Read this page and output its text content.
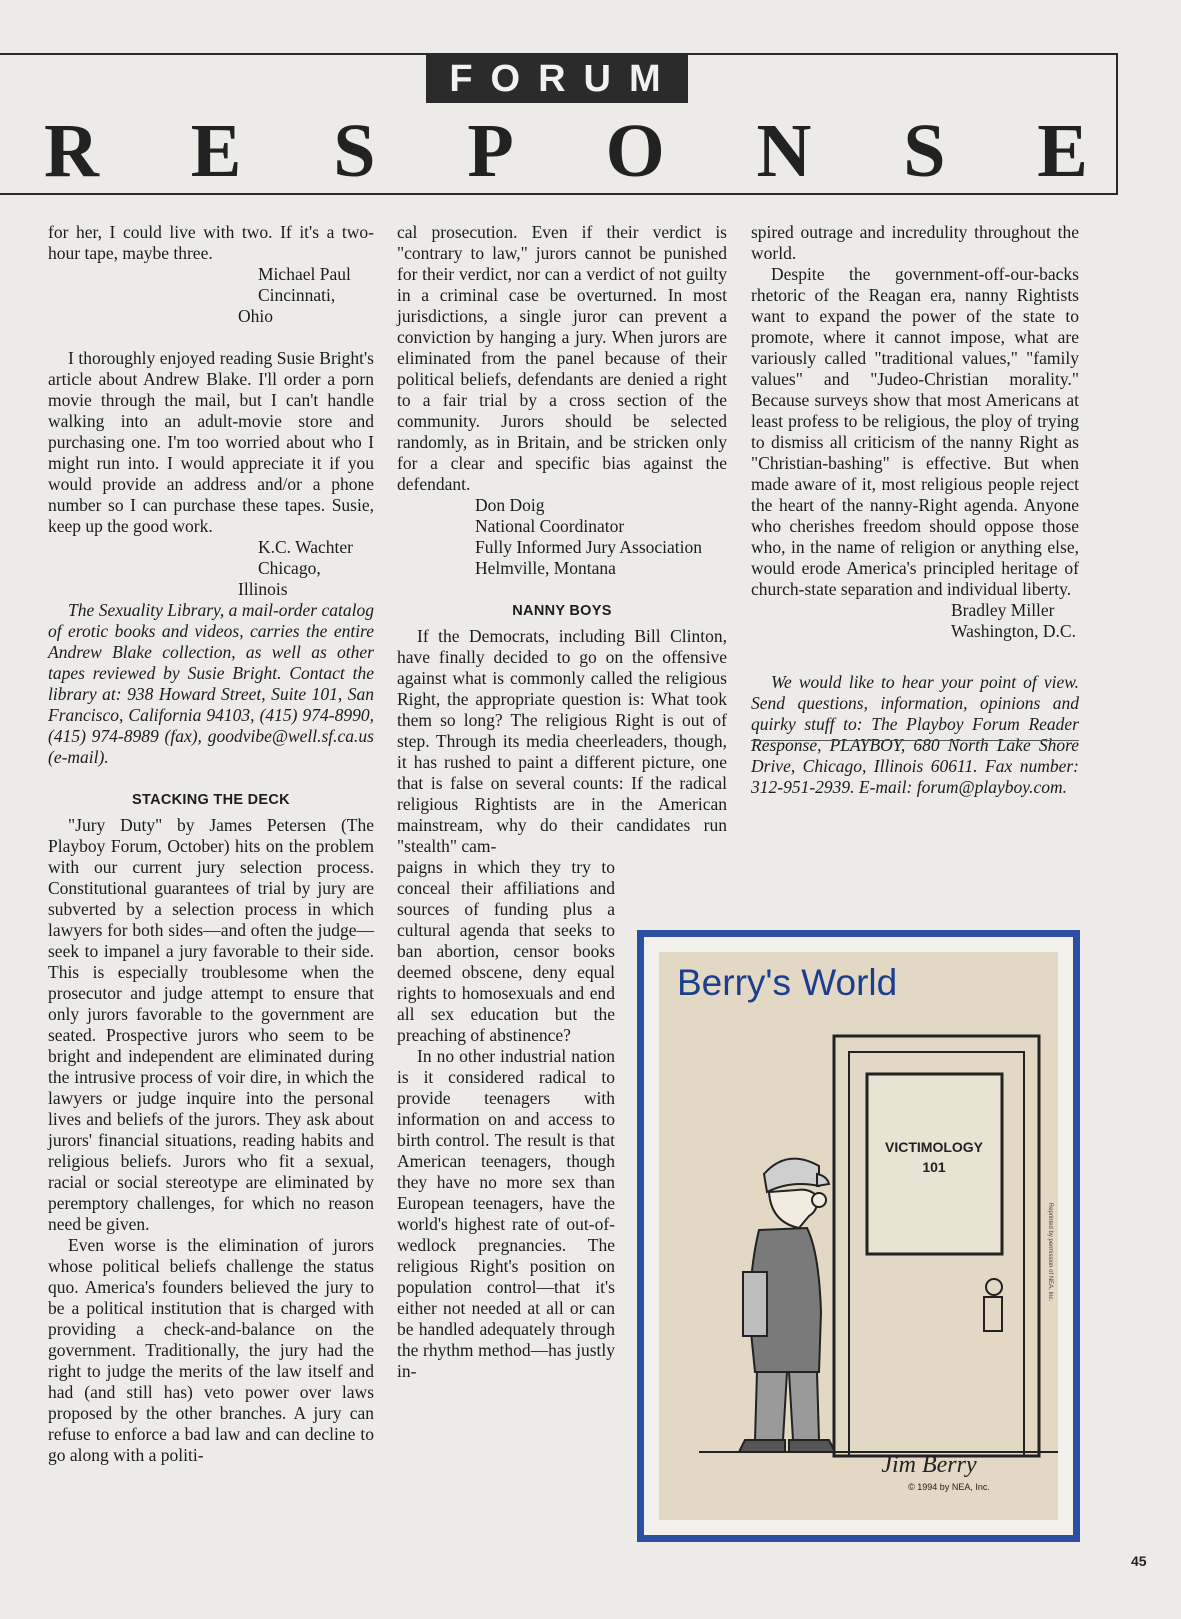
FORUM
R E S P O N S E

for her, I could live with two. If it's a two-hour tape, maybe three.

Michael Paul

Cincinnati, Ohio

I thoroughly enjoyed reading Susie Bright's article about Andrew Blake. I'll order a porn movie through the mail, but I can't handle walking into an adult-movie store and purchasing one. I'm too worried about who I might run into. I would appreciate it if you would provide an address and/or a phone number so I can purchase these tapes. Susie, keep up the good work.

K.C. Wachter

Chicago, Illinois

The Sexuality Library, a mail-order catalog of erotic books and videos, carries the entire Andrew Blake collection, as well as other tapes reviewed by Susie Bright. Contact the library at: 938 Howard Street, Suite 101, San Francisco, California 94103, (415) 974-8990, (415) 974-8989 (fax), goodvibe@well.sf.ca.us (e-mail).

STACKING THE DECK

"Jury Duty" by James Petersen (The Playboy Forum, October) hits on the problem with our current jury selection process. Constitutional guarantees of trial by jury are subverted by a selection process in which lawyers for both sides—and often the judge—seek to impanel a jury favorable to their side. This is especially troublesome when the prosecutor and judge attempt to ensure that only jurors favorable to the government are seated. Prospective jurors who seem to be bright and independent are eliminated during the intrusive process of voir dire, in which the lawyers or judge inquire into the personal lives and beliefs of the jurors. They ask about jurors' financial situations, reading habits and religious beliefs. Jurors who fit a sexual, racial or social stereotype are eliminated by peremptory challenges, for which no reason need be given.

Even worse is the elimination of jurors whose political beliefs challenge the status quo. America's founders believed the jury to be a political institution that is charged with providing a check-and-balance on the government. Traditionally, the jury had the right to judge the merits of the law itself and had (and still has) veto power over laws proposed by the other branches. A jury can refuse to enforce a bad law and can decline to go along with a politi-

cal prosecution. Even if their verdict is "contrary to law," jurors cannot be punished for their verdict, nor can a verdict of not guilty in a criminal case be overturned. In most jurisdictions, a single juror can prevent a conviction by hanging a jury. When jurors are eliminated from the panel because of their political beliefs, defendants are denied a right to a fair trial by a cross section of the community. Jurors should be selected randomly, as in Britain, and be stricken only for a clear and specific bias against the defendant.

Don Doig

National Coordinator

Fully Informed Jury Association

Helmville, Montana

NANNY BOYS

If the Democrats, including Bill Clinton, have finally decided to go on the offensive against what is commonly called the religious Right, the appropriate question is: What took them so long? The religious Right is out of step. Through its media cheerleaders, though, it has rushed to paint a different picture, one that is false on several counts: If the radical religious Rightists are in the American mainstream, why do their candidates run "stealth" cam-

paigns in which they try to conceal their affiliations and sources of funding plus a cultural agenda that seeks to ban abortion, censor books deemed obscene, deny equal rights to homosexuals and end all sex education but the preaching of abstinence?

In no other industrial nation is it considered radical to provide teenagers with information on and access to birth control. The result is that American teenagers, though they have no more sex than European teenagers, have the world's highest rate of out-of-wedlock pregnancies. The religious Right's position on population control—that it's either not needed at all or can be handled adequately through the rhythm method—has justly in-

spired outrage and incredulity throughout the world.

Despite the government-off-our-backs rhetoric of the Reagan era, nanny Rightists want to expand the power of the state to promote, where it cannot impose, what are variously called "traditional values," "family values" and "Judeo-Christian morality." Because surveys show that most Americans at least profess to be religious, the ploy of trying to dismiss all criticism of the nanny Right as "Christian-bashing" is effective. But when made aware of it, most religious people reject the heart of the nanny-Right agenda. Anyone who cherishes freedom should oppose those who, in the name of religion or anything else, would erode America's principled heritage of church-state separation and individual liberty.

Bradley Miller

Washington, D.C.

We would like to hear your point of view. Send questions, information, opinions and quirky stuff to: The Playboy Forum Reader Response, PLAYBOY, 680 North Lake Shore Drive, Chicago, Illinois 60611. Fax number: 312-951-2939. E-mail: forum@playboy.com.

Berry's World
VICTIMOLOGY
101
Jim Berry
© 1994 by NEA, Inc.
Reprinted by permission of NEA, Inc.
45
